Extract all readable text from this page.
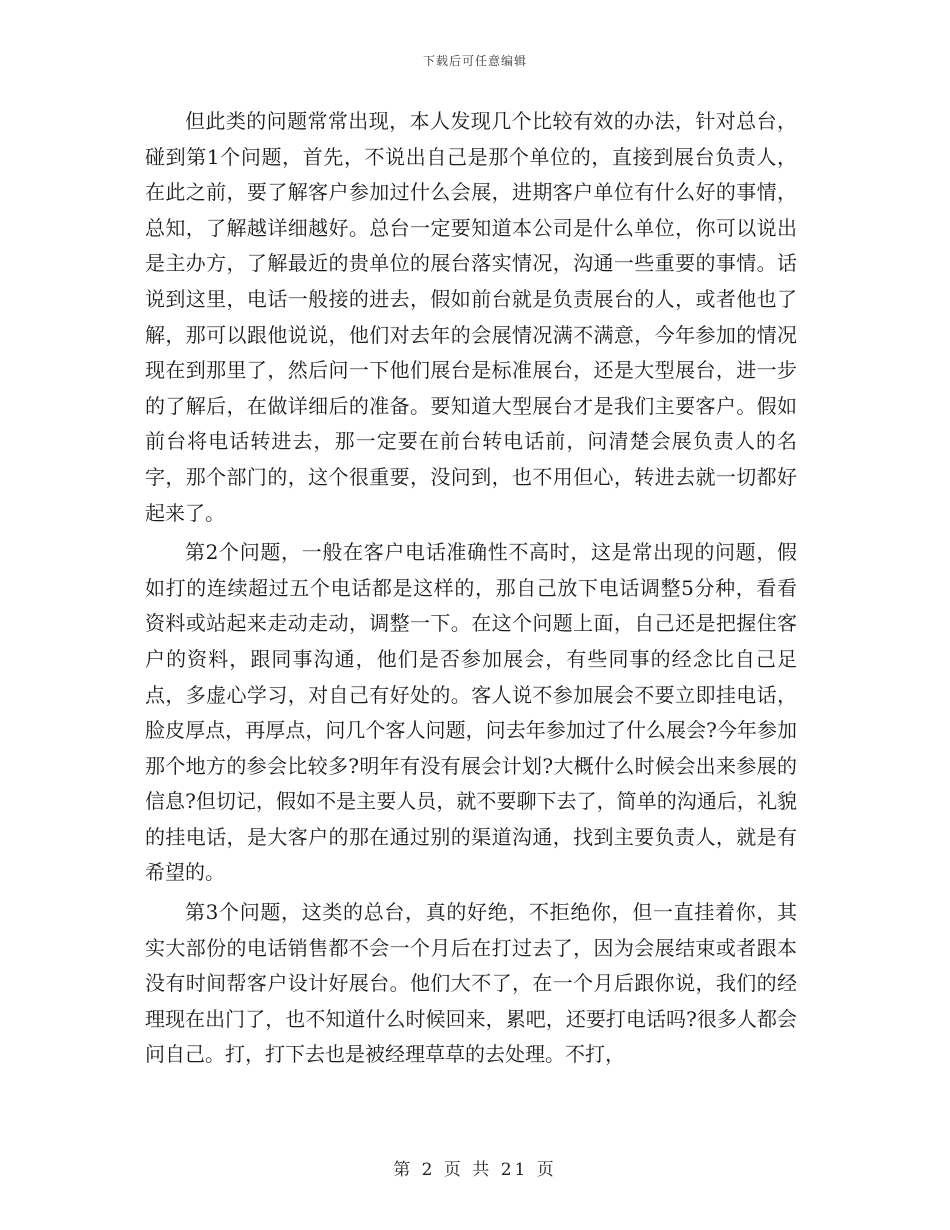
下载后可任意编辑

但此类的问题常常出现，本人发现几个比较有效的办法，针对总台，碰到第1个问题，首先，不说出自己是那个单位的，直接到展台负责人，在此之前，要了解客户参加过什么会展，进期客户单位有什么好的事情，总知，了解越详细越好。总台一定要知道本公司是什么单位，你可以说出是主办方，了解最近的贵单位的展台落实情况，沟通一些重要的事情。话说到这里，电话一般接的进去，假如前台就是负责展台的人，或者他也了解，那可以跟他说说，他们对去年的会展情况满不满意，今年参加的情况现在到那里了，然后问一下他们展台是标准展台，还是大型展台，进一步的了解后，在做详细后的准备。要知道大型展台才是我们主要客户。假如前台将电话转进去，那一定要在前台转电话前，问清楚会展负责人的名字，那个部门的，这个很重要，没问到，也不用但心，转进去就一切都好起来了。

第2个问题，一般在客户电话准确性不高时，这是常出现的问题，假如打的连续超过五个电话都是这样的，那自己放下电话调整5分种，看看资料或站起来走动走动，调整一下。在这个问题上面，自己还是把握住客户的资料，跟同事沟通，他们是否参加展会，有些同事的经念比自己足点，多虚心学习，对自己有好处的。客人说不参加展会不要立即挂电话，脸皮厚点，再厚点，问几个客人问题，问去年参加过了什么展会?今年参加那个地方的参会比较多?明年有没有展会计划?大概什么时候会出来参展的信息?但切记，假如不是主要人员，就不要聊下去了，简单的沟通后，礼貌的挂电话，是大客户的那在通过别的渠道沟通，找到主要负责人，就是有希望的。

第3个问题，这类的总台，真的好绝，不拒绝你，但一直挂着你，其实大部份的电话销售都不会一个月后在打过去了，因为会展结束或者跟本没有时间帮客户设计好展台。他们大不了，在一个月后跟你说，我们的经理现在出门了，也不知道什么时候回来，累吧，还要打电话吗?很多人都会问自己。打，打下去也是被经理草草的去处理。不打，

第 2 页 共 21 页
